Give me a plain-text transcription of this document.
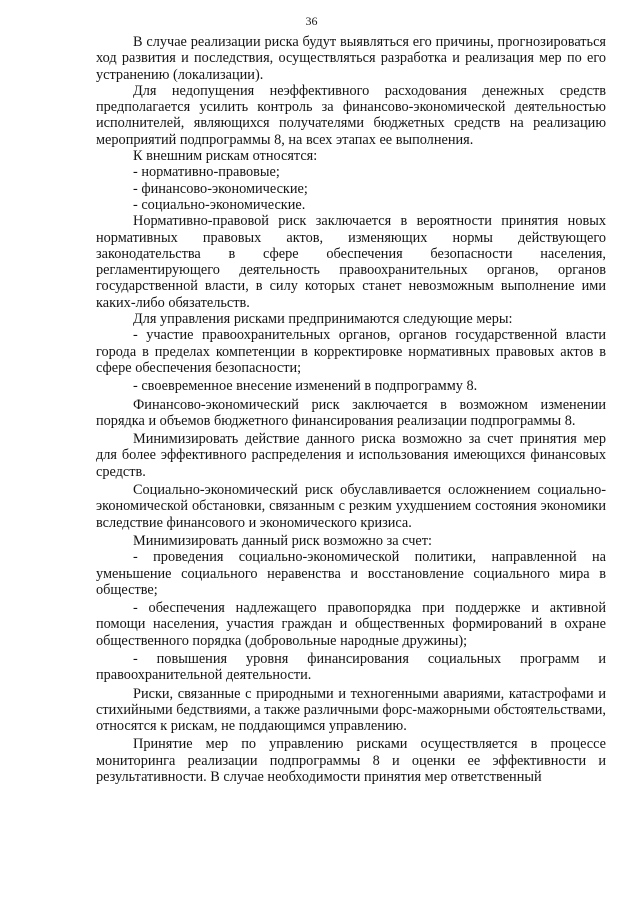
36

В случае реализации риска будут выявляться его причины, прогнозироваться ход развития и последствия, осуществляться разработка и реализация мер по его устранению (локализации).

Для недопущения неэффективного расходования денежных средств предполагается усилить контроль за финансово-экономической деятельностью исполнителей, являющихся получателями бюджетных средств на реализацию мероприятий подпрограммы 8, на всех этапах ее выполнения.

К внешним рискам относятся:

- нормативно-правовые;

- финансово-экономические;

- социально-экономические.

Нормативно-правовой риск заключается в вероятности принятия новых нормативных правовых актов, изменяющих нормы действующего законодательства в сфере обеспечения безопасности населения, регламентирующего деятельность правоохранительных органов, органов государственной власти, в силу которых станет невозможным выполнение ими каких-либо обязательств.

Для управления рисками предпринимаются следующие меры:

- участие правоохранительных органов, органов государственной власти города в пределах компетенции в корректировке нормативных правовых актов в сфере обеспечения безопасности;

- своевременное внесение изменений в подпрограмму 8.

Финансово-экономический риск заключается в возможном изменении порядка и объемов бюджетного финансирования реализации подпрограммы 8.

Минимизировать действие данного риска возможно за счет принятия мер для более эффективного распределения и использования имеющихся финансовых средств.

Социально-экономический риск обуславливается осложнением социально-экономической обстановки, связанным с резким ухудшением состояния экономики вследствие финансового и экономического кризиса.

Минимизировать данный риск возможно за счет:

- проведения социально-экономической политики, направленной на уменьшение социального неравенства и восстановление социального мира в обществе;

- обеспечения надлежащего правопорядка при поддержке и активной помощи населения, участия граждан и общественных формирований в охране общественного порядка (добровольные народные дружины);

- повышения уровня финансирования социальных программ и правоохранительной деятельности.

Риски, связанные с природными и техногенными авариями, катастрофами и стихийными бедствиями, а также различными форс-мажорными обстоятельствами, относятся к рискам, не поддающимся управлению.

Принятие мер по управлению рисками осуществляется в процессе мониторинга реализации подпрограммы 8 и оценки ее эффективности и результативности. В случае необходимости принятия мер ответственный
